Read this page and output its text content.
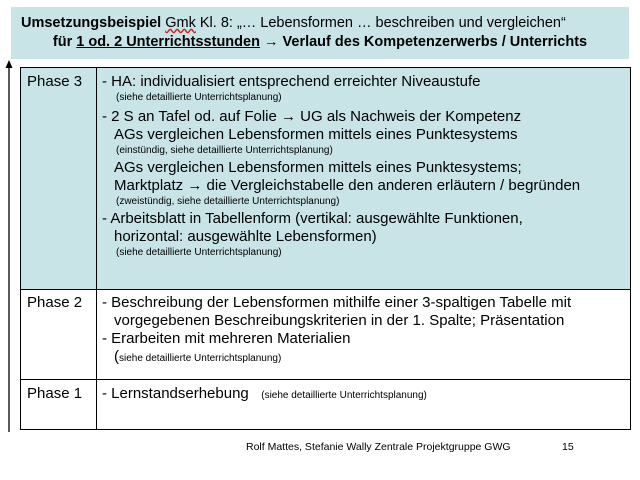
Umsetzungsbeispiel Gmk Kl. 8: „… Lebensformen … beschreiben und vergleichen“
für 1 od. 2 Unterrichtsstunden → Verlauf des Kompetenzerwerbs / Unterrichts
Phase 3 - HA: individualisiert entsprechend erreichter Niveaustufe
(siehe detaillierte Unterrichtsplanung)
- 2 S an Tafel od. auf Folie → UG als Nachweis der Kompetenz
AGs vergleichen Lebensformen mittels eines Punktesystems
(einstündig, siehe detaillierte Unterrichtsplanung)
AGs vergleichen Lebensformen mittels eines Punktesystems;
Marktplatz → die Vergleichstabelle den anderen erläutern / begründen
(zweistündig, siehe detaillierte Unterrichtsplanung)
- Arbeitsblatt in Tabellenform (vertikal: ausgewählte Funktionen,
horizontal: ausgewählte Lebensformen)
(siehe detaillierte Unterrichtsplanung)
Phase 2 - Beschreibung der Lebensformen mithilfe einer 3-spaltigen Tabelle mit
vorgegebenen Beschreibungskriterien in der 1. Spalte; Präsentation
- Erarbeiten mit mehreren Materialien
(siehe detaillierte Unterrichtsplanung)
Phase 1 - Lernstandserhebung (siehe detaillierte Unterrichtsplanung)
Rolf Mattes, Stefanie Wally Zentrale Projektgruppe GWG	15
